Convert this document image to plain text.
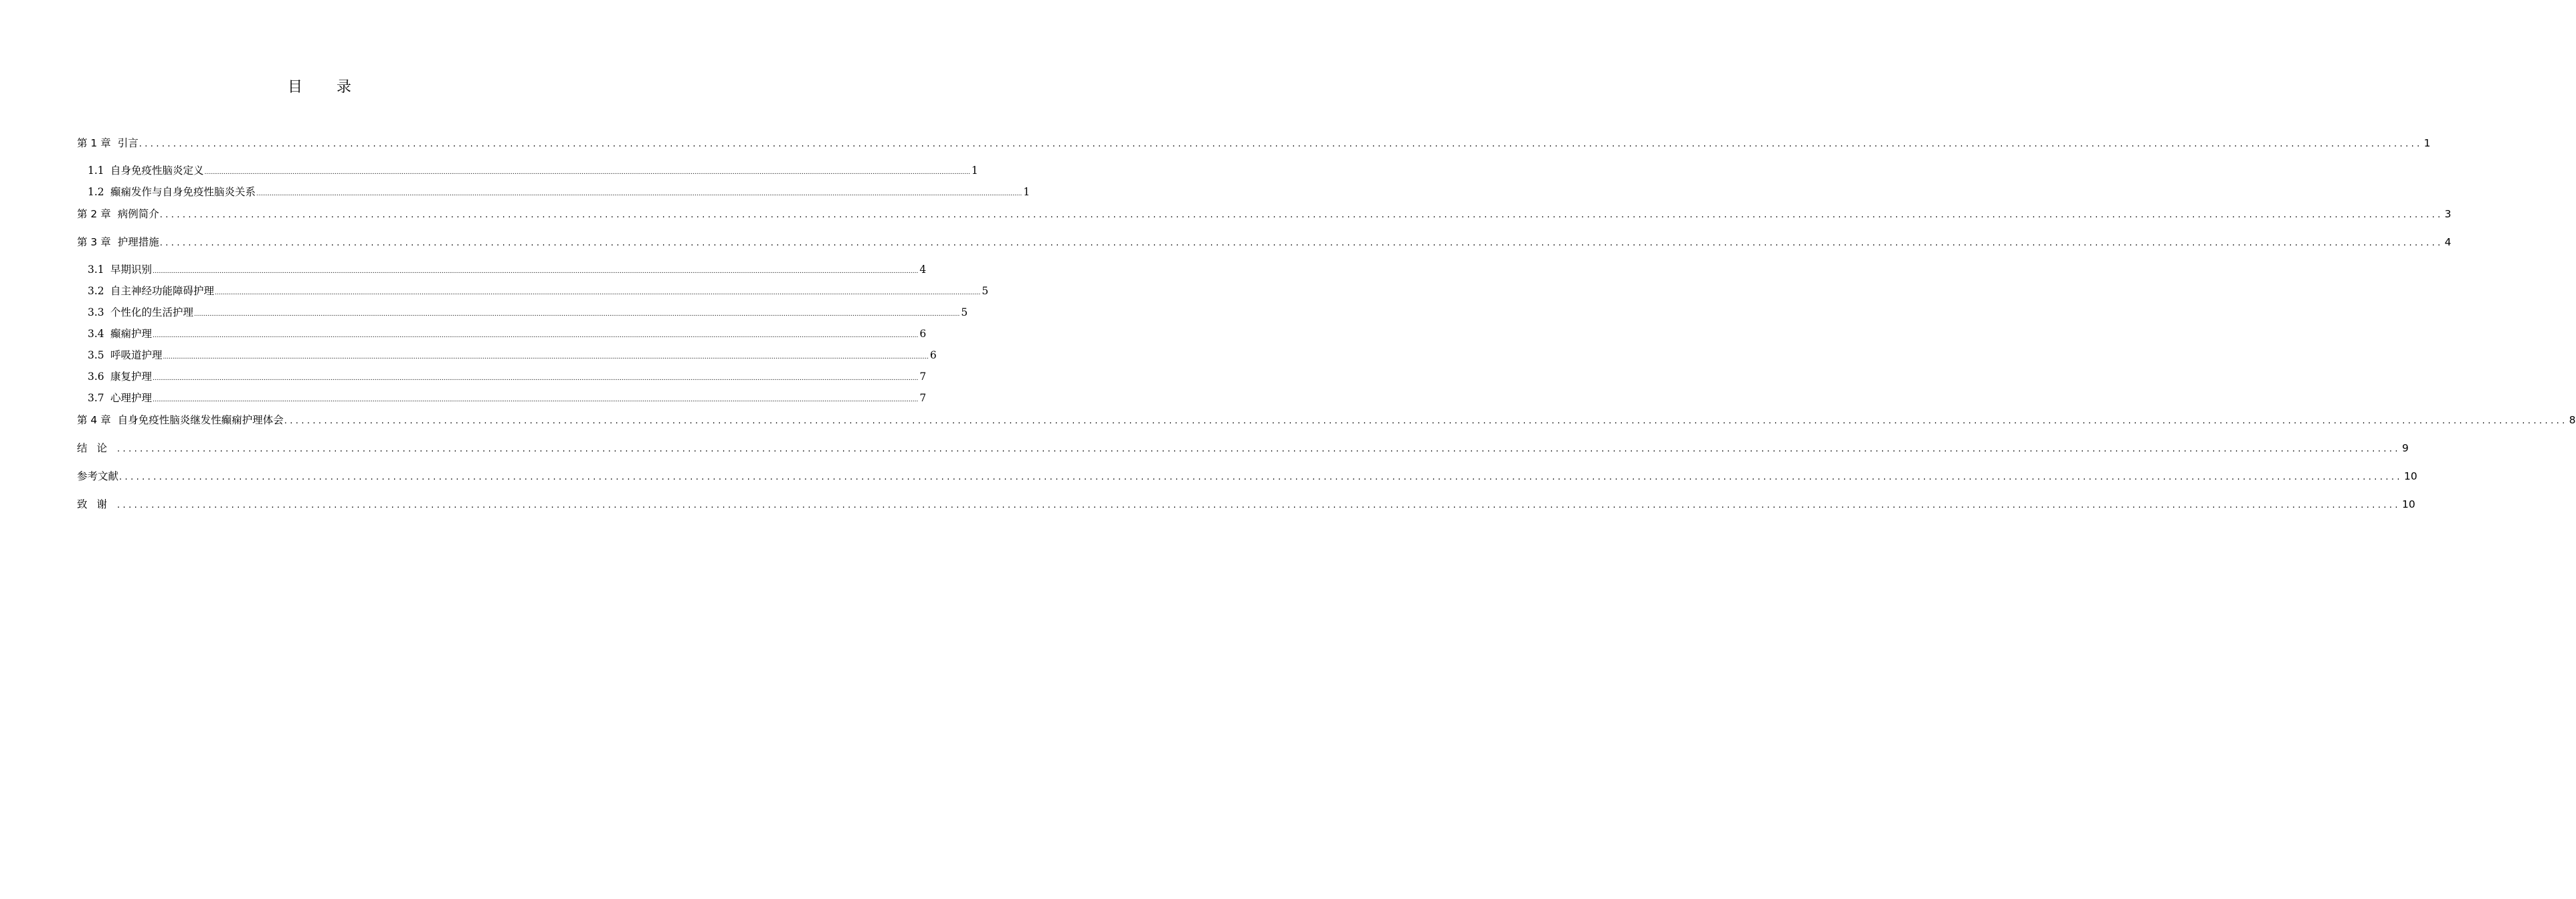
目 录
第 1 章 引言 ................................................................................................................................................................................................................................................................................................................................................................................................................ 1
1.1 自身免疫性脑炎定义 ................................................................................................................................................................................................................................................................................................................................................................................................................ 1
1.2 癫痫发作与自身免疫性脑炎关系 ................................................................................................................................................................................................................................................................................................................................................................................................................ 1
第 2 章 病例简介 ................................................................................................................................................................................................................................................................................................................................................................................................................ 3
第 3 章 护理措施 ................................................................................................................................................................................................................................................................................................................................................................................................................ 4
3.1 早期识别 ................................................................................................................................................................................................................................................................................................................................................................................................................ 4
3.2 自主神经功能障碍护理 ................................................................................................................................................................................................................................................................................................................................................................................................................ 5
3.3 个性化的生活护理 ................................................................................................................................................................................................................................................................................................................................................................................................................ 5
3.4 癫痫护理 ................................................................................................................................................................................................................................................................................................................................................................................................................ 6
3.5 呼吸道护理 ................................................................................................................................................................................................................................................................................................................................................................................................................ 6
3.6 康复护理 ................................................................................................................................................................................................................................................................................................................................................................................................................ 7
3.7 心理护理 ................................................................................................................................................................................................................................................................................................................................................................................................................ 7
第 4 章 自身免疫性脑炎继发性癫痫护理体会 ................................................................................................................................................................................................................................................................................................................................................................................................................ 8
结论 ................................................................................................................................................................................................................................................................................................................................................................................................................ 9
参考文献 ................................................................................................................................................................................................................................................................................................................................................................................................................ 10
致谢 ................................................................................................................................................................................................................................................................................................................................................................................................................ 10
